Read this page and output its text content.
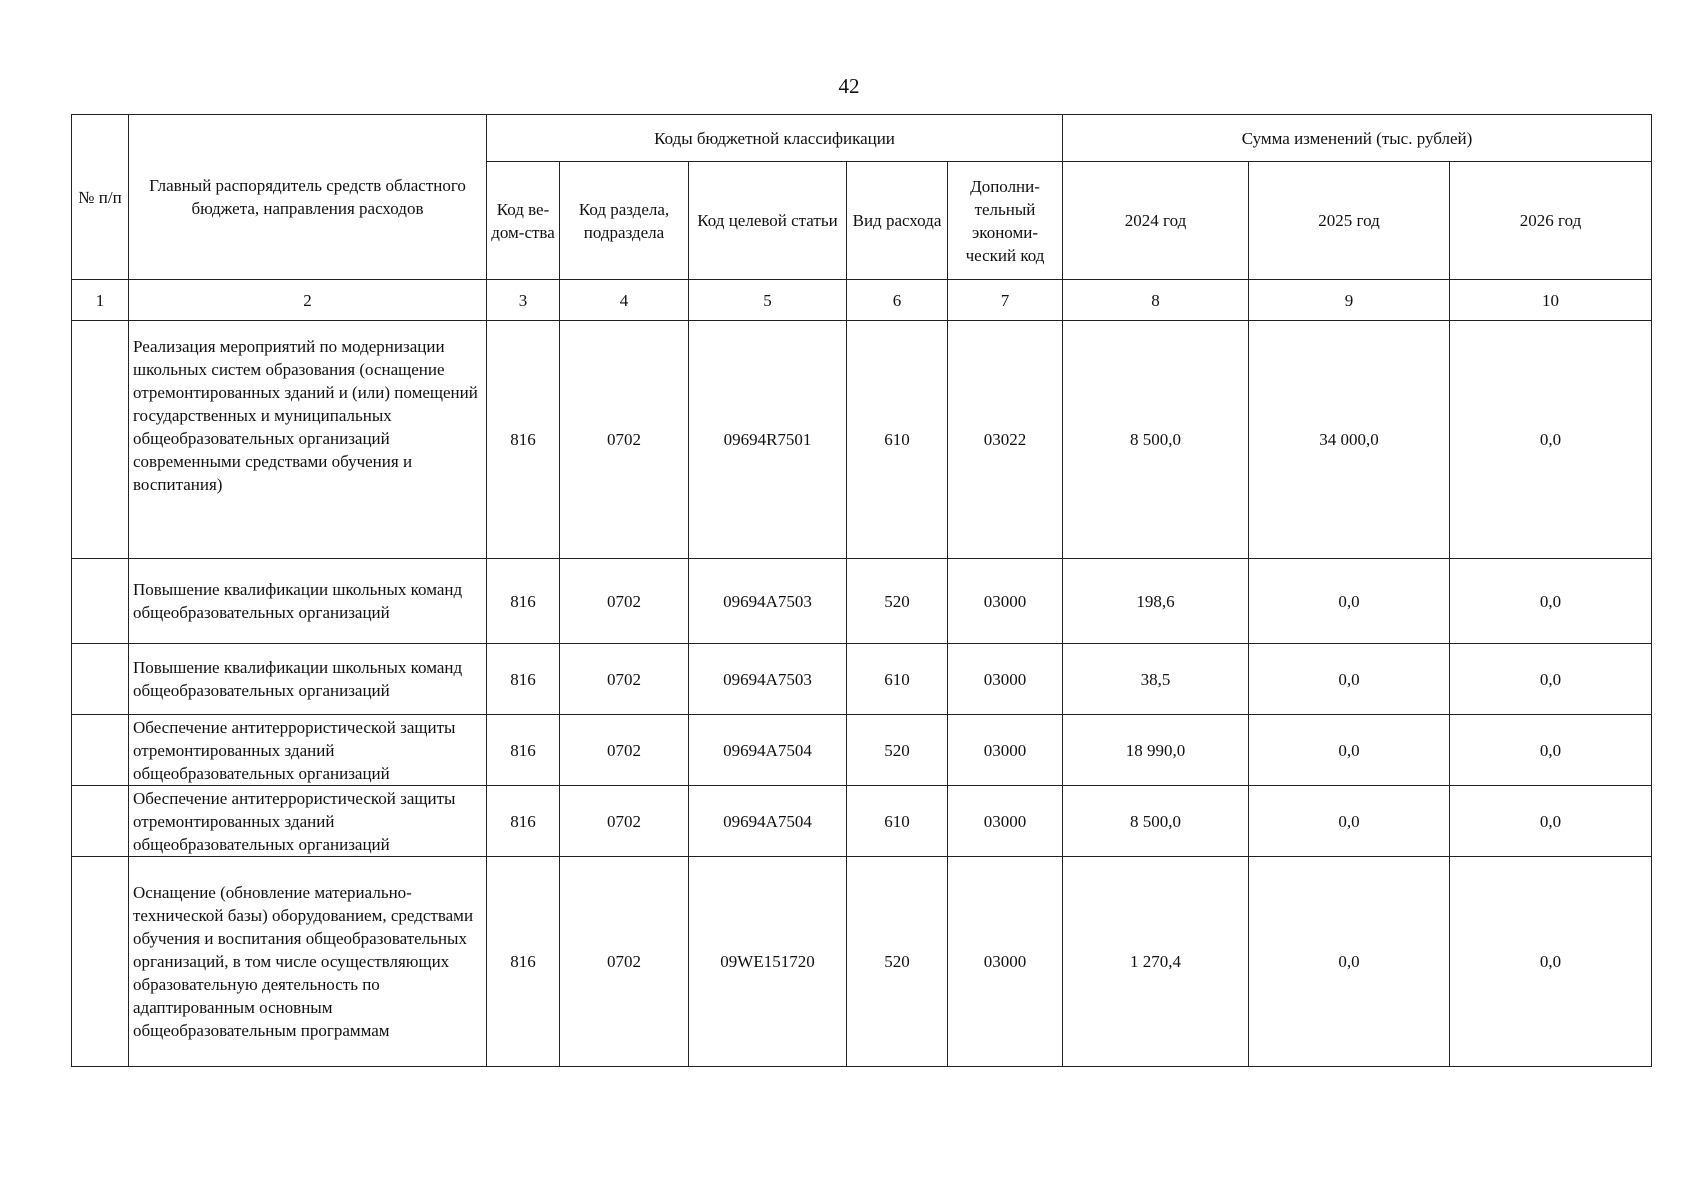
42
№ п/п	Главный распорядитель средств областного бюджета, направления расходов	Коды бюджетной классификации					Сумма изменений (тыс. рублей)		
		Код ве-дом-ства	Код раздела, подраздела	Код целевой статьи	Вид расхода	Дополни-тельный экономи-ческий код	2024 год	2025 год	2026 год
1	2	3	4	5	6	7	8	9	10
	Реализация мероприятий по модернизации школьных систем образования (оснащение отремонтированных зданий и (или) помещений государственных и муниципальных общеобразовательных организаций современными средствами обучения и воспитания)	816	0702	09694R7501	610	03022	8 500,0	34 000,0	0,0
	Повышение квалификации школьных команд общеобразовательных организаций	816	0702	09694A7503	520	03000	198,6	0,0	0,0
	Повышение квалификации школьных команд общеобразовательных организаций	816	0702	09694A7503	610	03000	38,5	0,0	0,0
	Обеспечение антитеррористической защиты отремонтированных зданий общеобразовательных организаций	816	0702	09694A7504	520	03000	18 990,0	0,0	0,0
	Обеспечение антитеррористической защиты отремонтированных зданий общеобразовательных организаций	816	0702	09694A7504	610	03000	8 500,0	0,0	0,0
	Оснащение (обновление материально-технической базы) оборудованием, средствами обучения и воспитания общеобразовательных организаций, в том числе осуществляющих образовательную деятельность по адаптированным основным общеобразовательным программам	816	0702	09WE151720	520	03000	1 270,4	0,0	0,0
